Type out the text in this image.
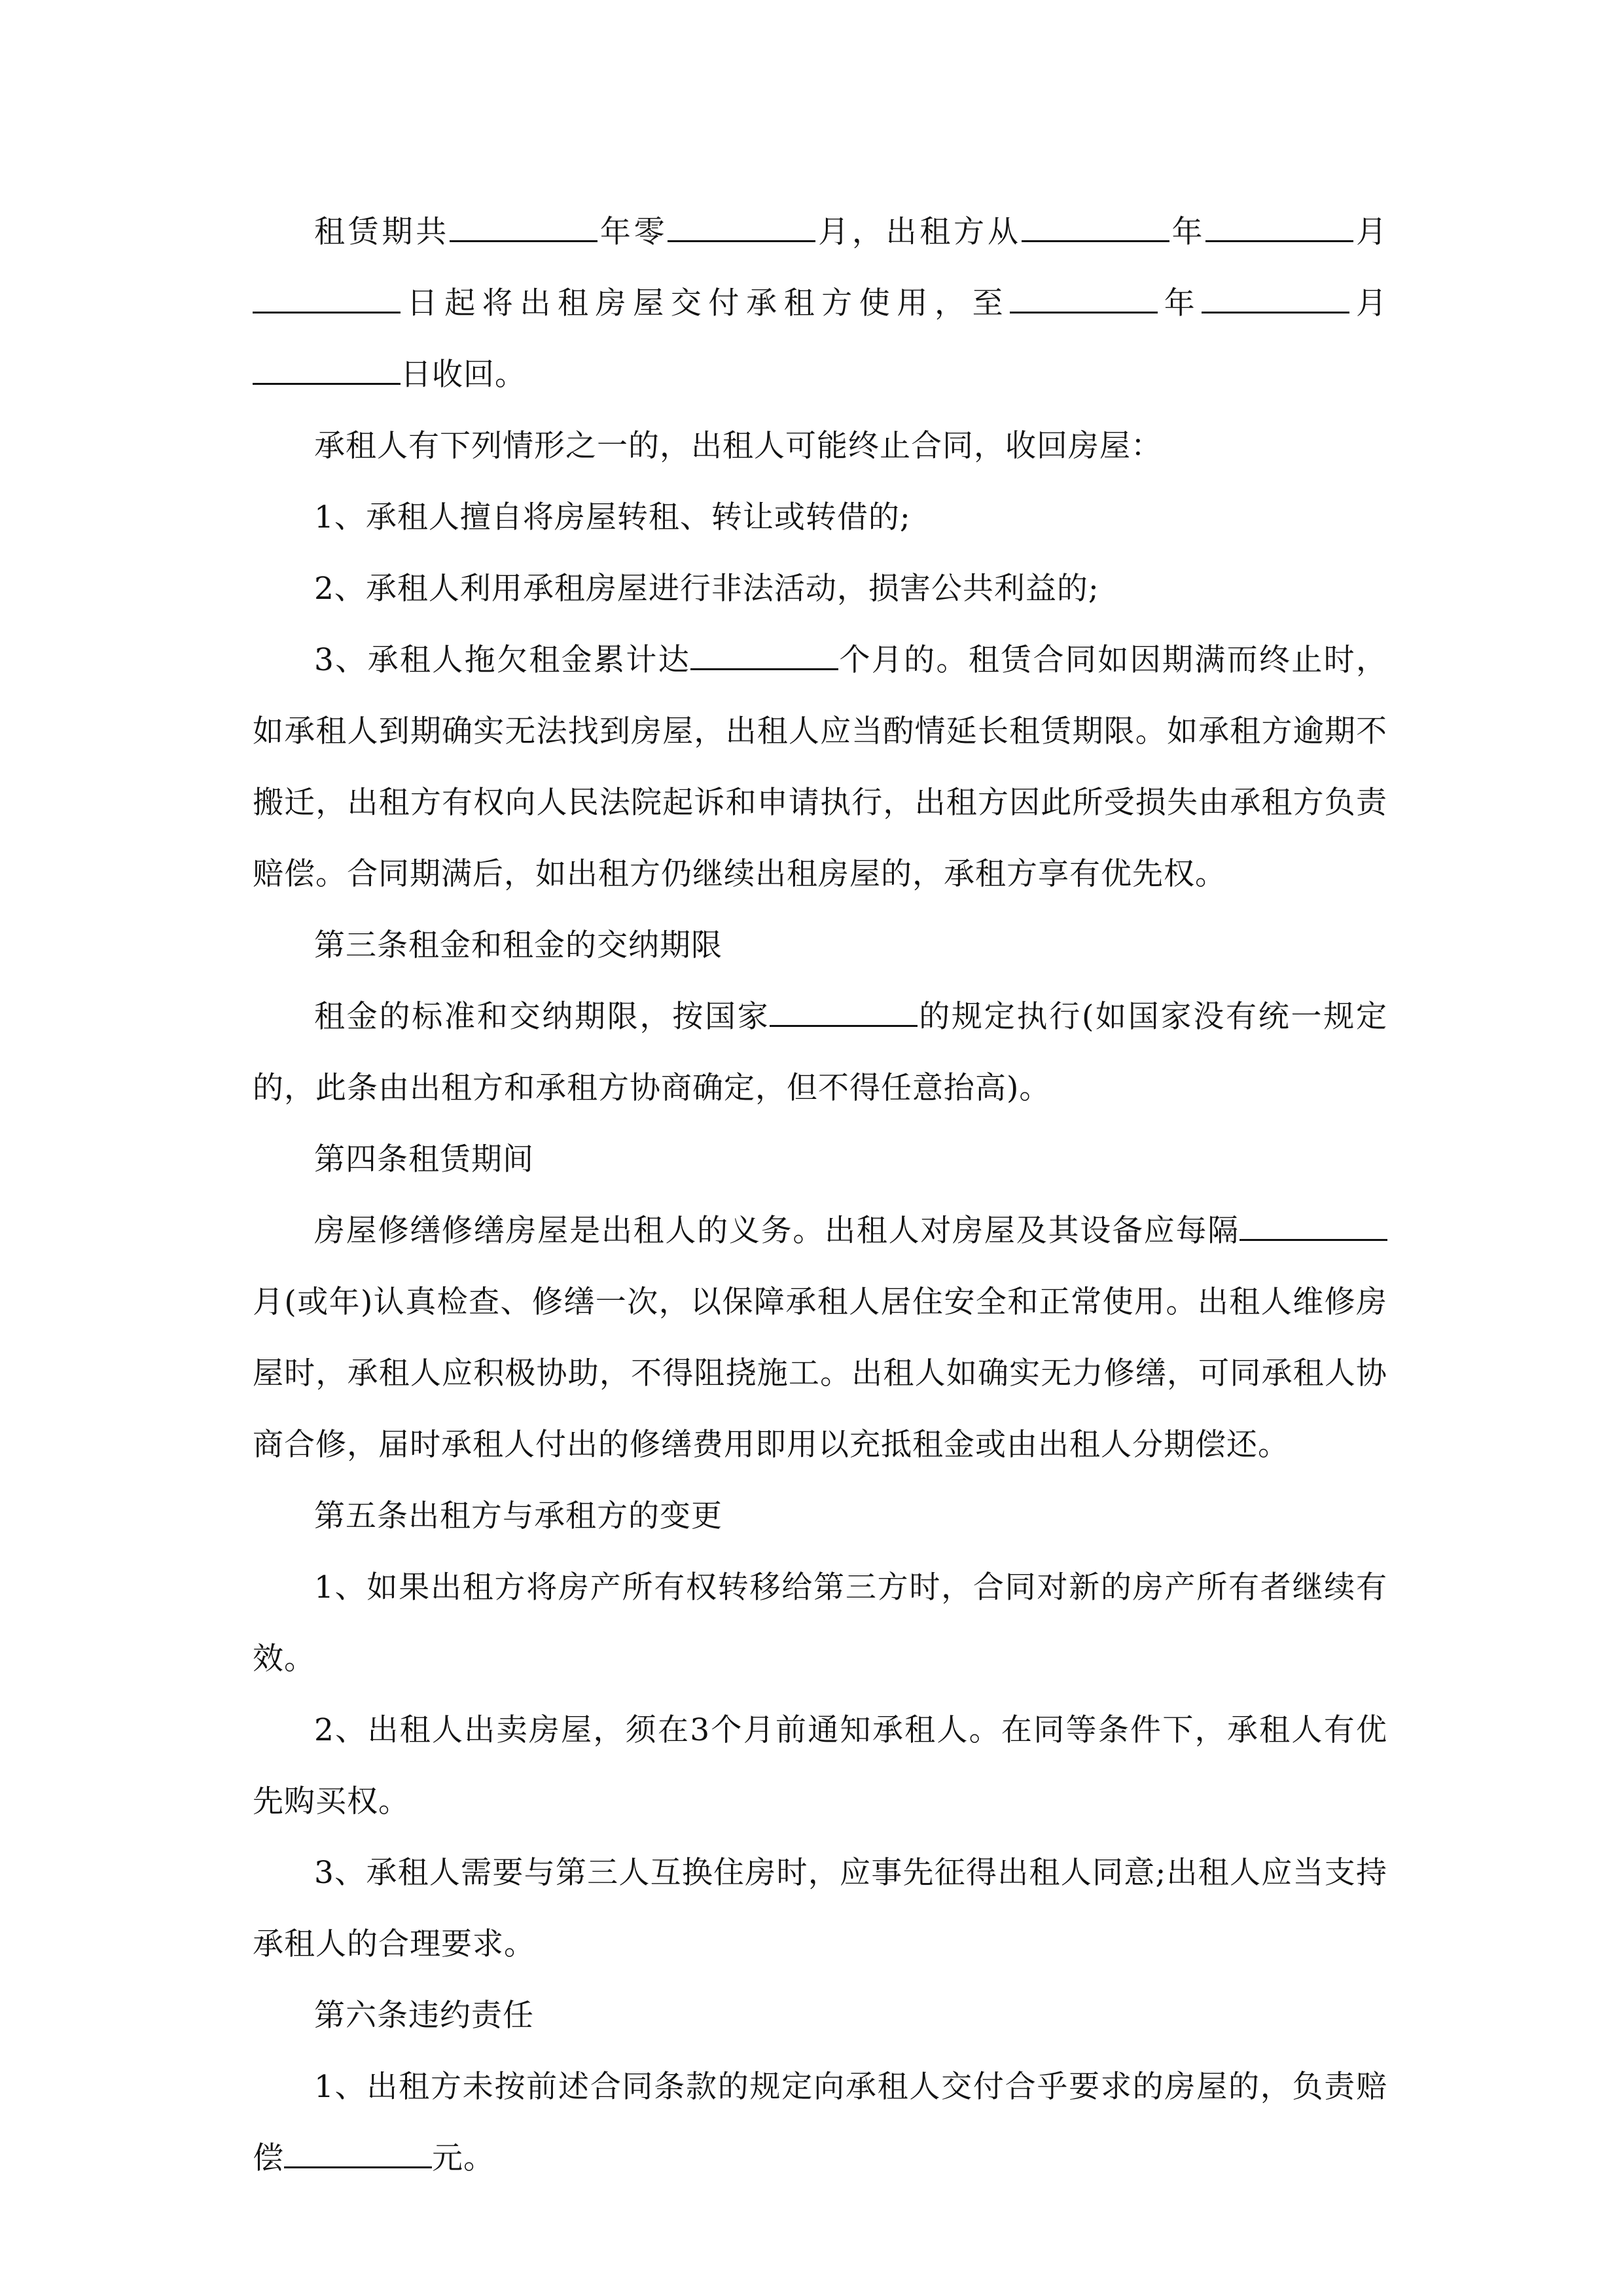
租赁期共	年零	月，出租方从	年	月日起将出租房屋交付承租方使用，至	年	月日收回。

承租人有下列情形之一的，出租人可能终止合同，收回房屋：

1、承租人擅自将房屋转租、转让或转借的;

2、承租人利用承租房屋进行非法活动，损害公共利益的;

3、承租人拖欠租金累计达	个月的。租赁合同如因期满而终止时，如承租人到期确实无法找到房屋，出租人应当酌情延长租赁期限。如承租方逾期不搬迁，出租方有权向人民法院起诉和申请执行，出租方因此所受损失由承租方负责赔偿。合同期满后，如出租方仍继续出租房屋的，承租方享有优先权。

第三条租金和租金的交纳期限

租金的标准和交纳期限，按国家	的规定执行(如国家没有统一规定的，此条由出租方和承租方协商确定，但不得任意抬高)。

第四条租赁期间

房屋修缮修缮房屋是出租人的义务。出租人对房屋及其设备应每隔月(或年)认真检查、修缮一次，以保障承租人居住安全和正常使用。出租人维修房屋时，承租人应积极协助，不得阻挠施工。出租人如确实无力修缮，可同承租人协商合修，届时承租人付出的修缮费用即用以充抵租金或由出租人分期偿还。

第五条出租方与承租方的变更

1、如果出租方将房产所有权转移给第三方时，合同对新的房产所有者继续有效。

2、出租人出卖房屋，须在3个月前通知承租人。在同等条件下，承租人有优先购买权。

3、承租人需要与第三人互换住房时，应事先征得出租人同意;出租人应当支持承租人的合理要求。

第六条违约责任

1、出租方未按前述合同条款的规定向承租人交付合乎要求的房屋的，负责赔偿	元。
